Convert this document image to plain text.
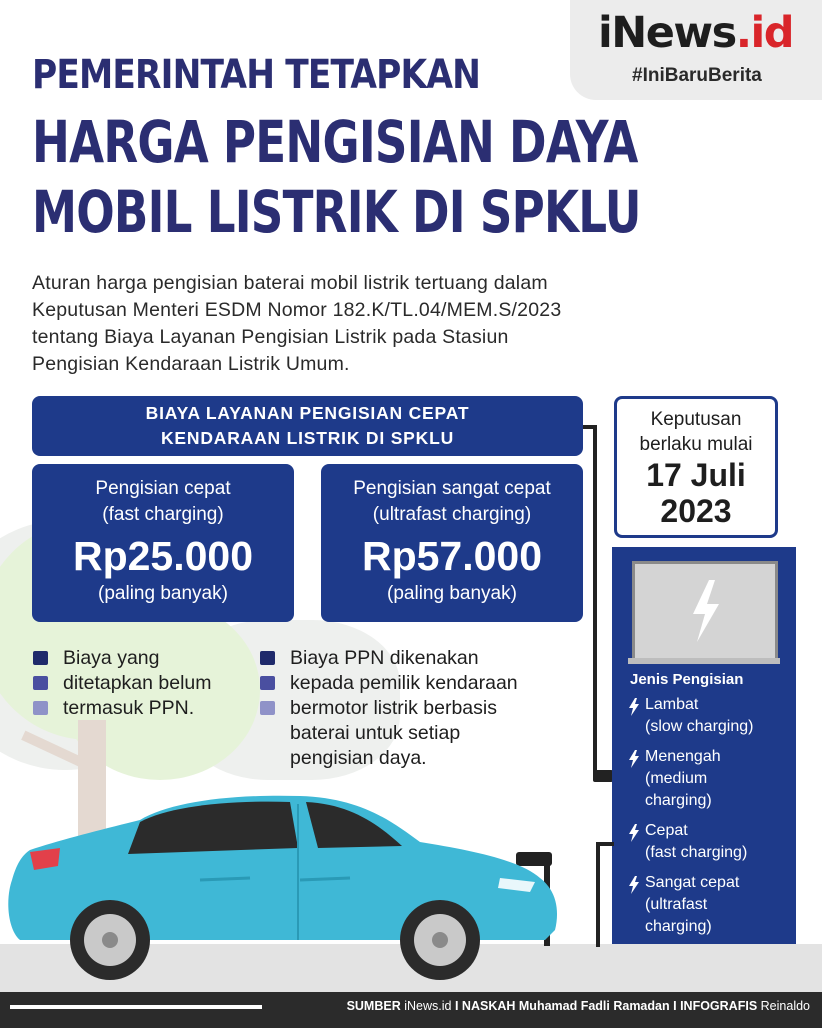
iNews.id
#IniBaruBerita
PEMERINTAH TETAPKAN
HARGA PENGISIAN DAYA
MOBIL LISTRIK DI SPKLU
Aturan harga pengisian baterai mobil listrik tertuang dalam
Keputusan Menteri ESDM Nomor 182.K/TL.04/MEM.S/2023
tentang Biaya Layanan Pengisian Listrik pada Stasiun
Pengisian Kendaraan Listrik Umum.
BIAYA LAYANAN PENGISIAN CEPAT
KENDARAAN LISTRIK DI SPKLU
Pengisian cepat
(fast charging)
Rp25.000
(paling banyak)
Pengisian sangat cepat
(ultrafast charging)
Rp57.000
(paling banyak)
Keputusan
berlaku mulai
17 Juli
2023
Biaya yang
ditetapkan belum
termasuk PPN.
Biaya PPN dikenakan
kepada pemilik kendaraan
bermotor listrik berbasis
baterai untuk setiap
pengisian daya.
Jenis Pengisian
Lambat
(slow charging)
Menengah
(medium
charging)
Cepat
(fast charging)
Sangat cepat
(ultrafast
charging)
SUMBER iNews.id I NASKAH Muhamad Fadli Ramadan I INFOGRAFIS Reinaldo
